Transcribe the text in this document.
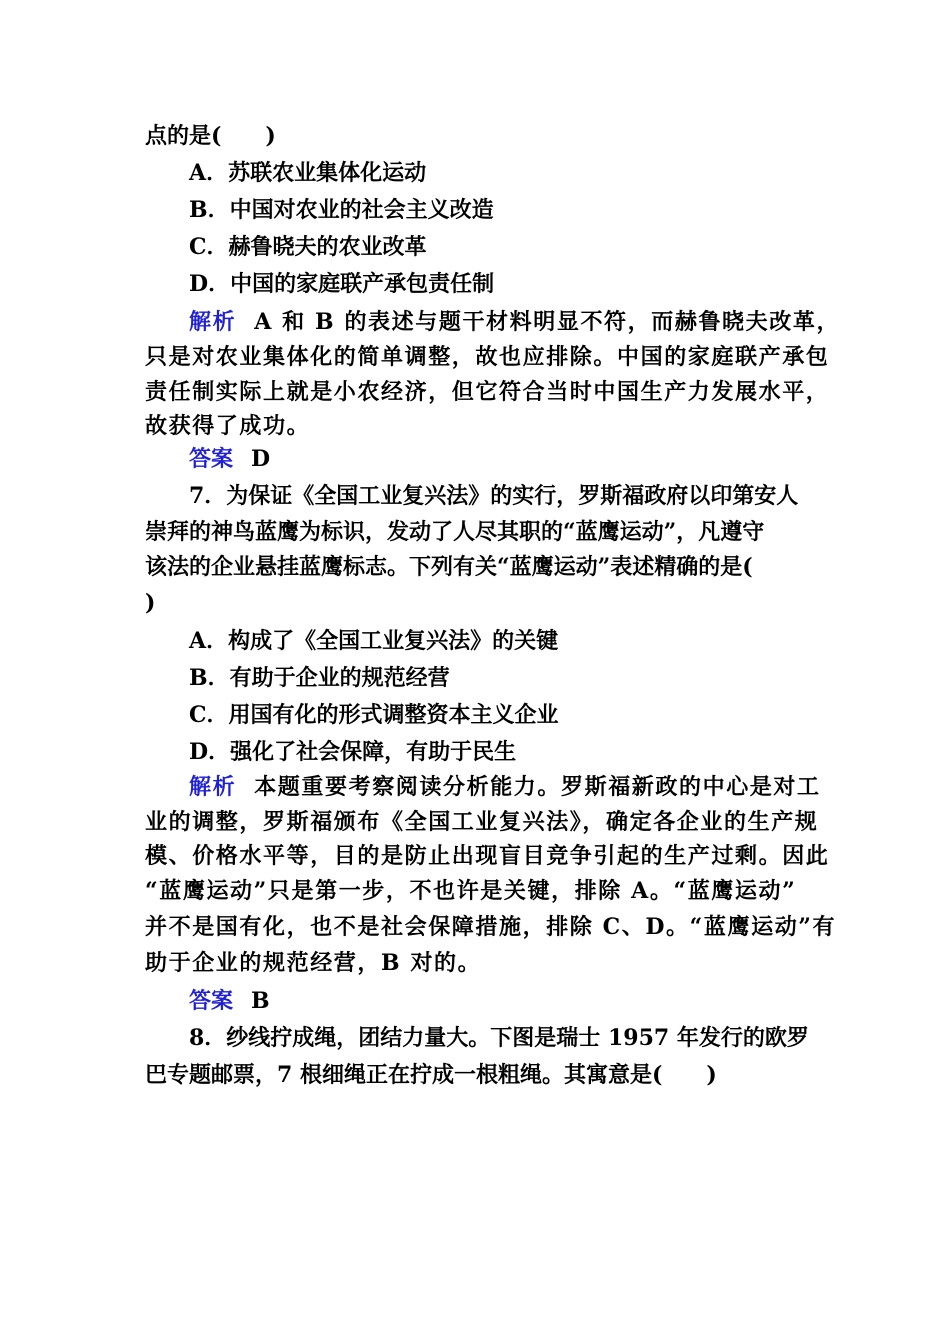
点的是(　　)
A．苏联农业集体化运动
B．中国对农业的社会主义改造
C．赫鲁晓夫的农业改革
D．中国的家庭联产承包责任制
解析 A 和 B 的表述与题干材料明显不符，而赫鲁晓夫改革，
只是对农业集体化的简单调整，故也应排除。中国的家庭联产承包
责任制实际上就是小农经济，但它符合当时中国生产力发展水平，
故获得了成功。
答案 D
7．为保证《全国工业复兴法》的实行，罗斯福政府以印第安人
崇拜的神鸟蓝鹰为标识，发动了人尽其职的“蓝鹰运动”，凡遵守
该法的企业悬挂蓝鹰标志。下列有关“蓝鹰运动”表述精确的是(
)
A．构成了《全国工业复兴法》的关键
B．有助于企业的规范经营
C．用国有化的形式调整资本主义企业
D．强化了社会保障，有助于民生
解析 本题重要考察阅读分析能力。罗斯福新政的中心是对工
业的调整，罗斯福颁布《全国工业复兴法》，确定各企业的生产规
模、价格水平等，目的是防止出现盲目竞争引起的生产过剩。因此
“蓝鹰运动”只是第一步，不也许是关键，排除 A。“蓝鹰运动”
并不是国有化，也不是社会保障措施，排除 C、D。“蓝鹰运动”有
助于企业的规范经营，B 对的。
答案 B
8．纱线拧成绳，团结力量大。下图是瑞士 1957 年发行的欧罗
巴专题邮票，7 根细绳正在拧成一根粗绳。其寓意是(　　)
